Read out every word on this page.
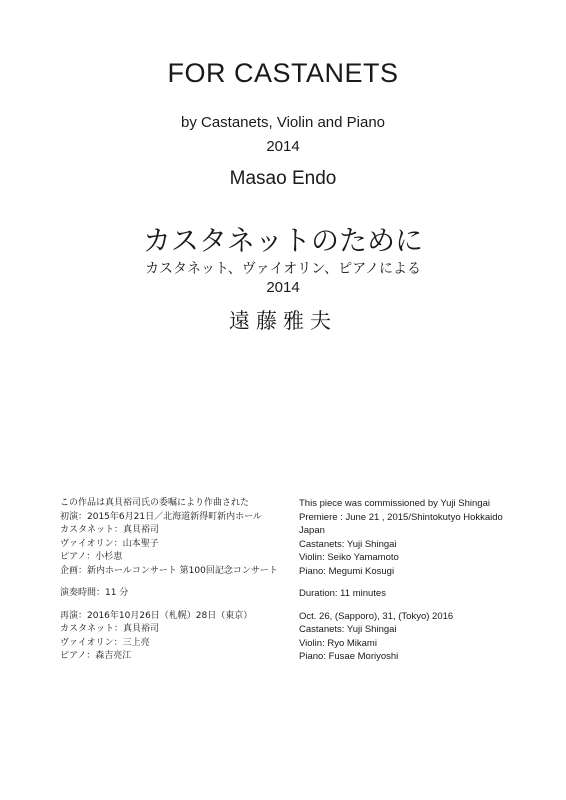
FOR CASTANETS
by Castanets, Violin and Piano
2014
Masao Endo
カスタネットのために
カスタネット、ヴァイオリン、ピアノによる
2014
遠藤雅夫
この作品は真貝裕司氏の委嘱により作曲された
初演：2015年6月21日／北海道新得町新内ホール
カスタネット：真貝裕司
ヴァイオリン：山本聖子
ピアノ：小杉恵
企画：新内ホールコンサート 第100回記念コンサート
演奏時間：11 分
再演：2016年10月26日（札幌）28日（東京）
カスタネット：真貝裕司
ヴァイオリン：三上亮
ピアノ：森吉亮江
This piece was commissioned by Yuji Shingai
Premiere : June 21 , 2015/Shintokutyo Hokkaido
Japan
Castanets: Yuji Shingai
Violin: Seiko Yamamoto
Piano: Megumi Kosugi
Duration: 11 minutes
Oct. 26, (Sapporo), 31, (Tokyo) 2016
Castanets: Yuji Shingai
Violin: Ryo Mikami
Piano: Fusae Moriyoshi
